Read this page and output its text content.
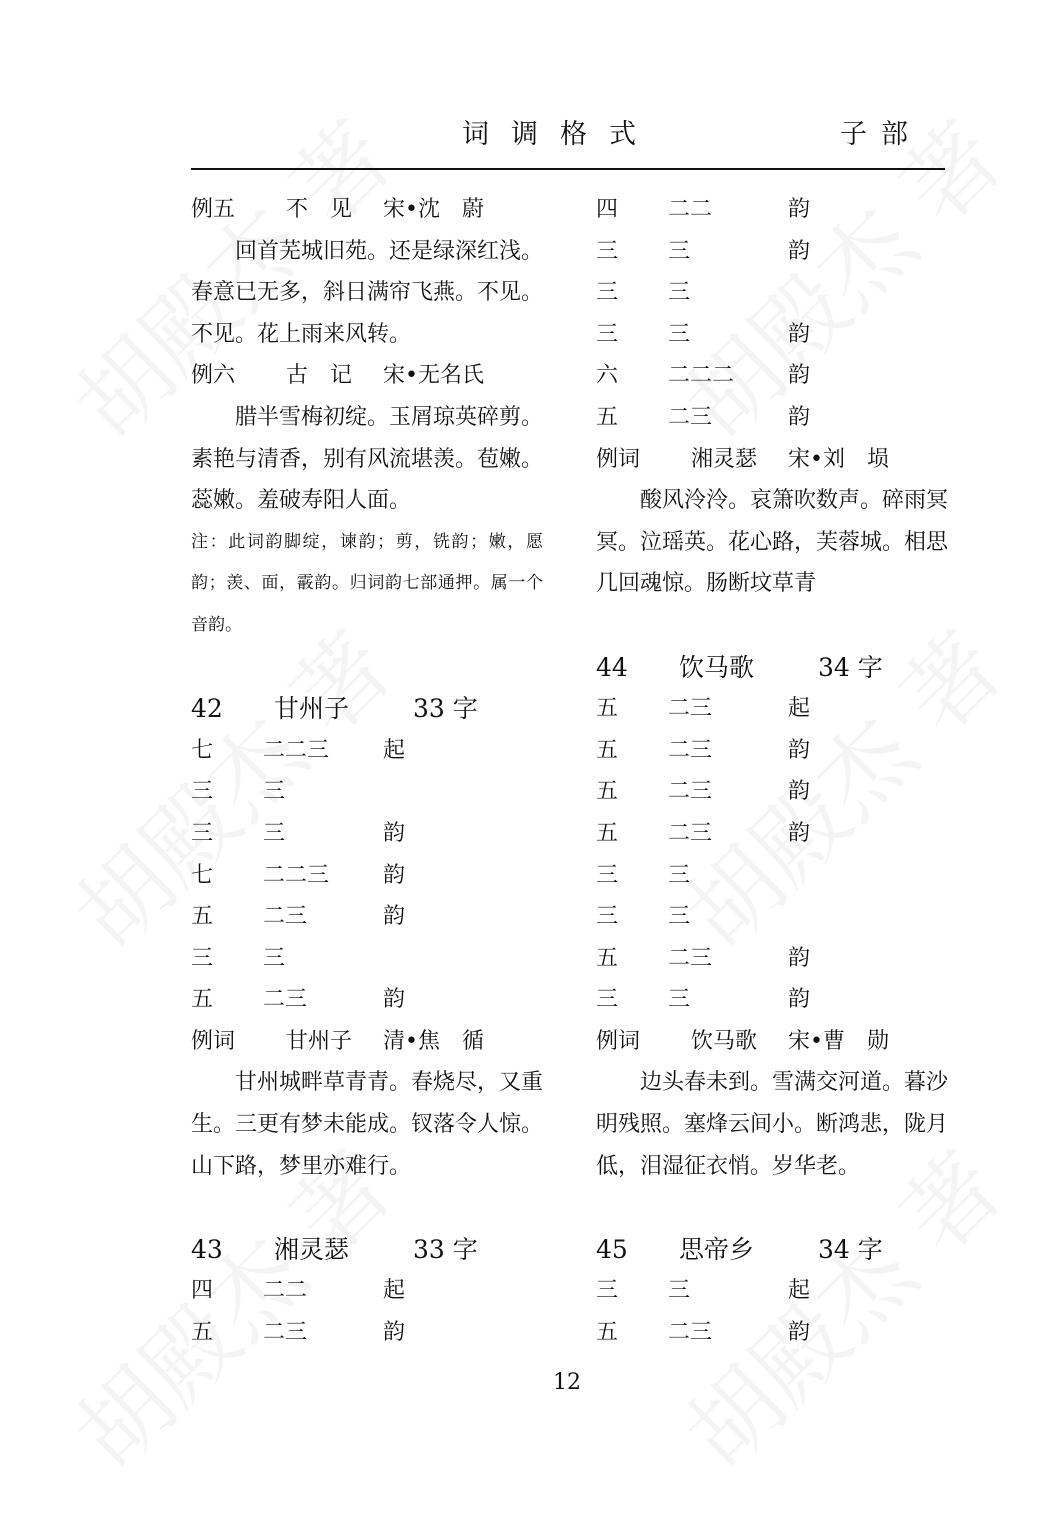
词调格式	子部
例五 不　见 宋•沈　蔚
回首芜城旧苑。还是绿深红浅。春意已无多，斜日满帘飞燕。不见。不见。花上雨来风转。
例六 古　记 宋•无名氏
腊半雪梅初绽。玉屑琼英碎剪。素艳与清香，别有风流堪羡。苞嫩。蕊嫩。羞破寿阳人面。
注：此词韵脚绽，谏韵；剪，铣韵；嫩，愿韵；羡、面，霰韵。归词韵七部通押。属一个音韵。
42 甘州子	33 字
七 二二三 起
三 三
三 三	韵
七 二二三 韵
五 二三	韵
三 三
五 二三	韵
例词 甘州子 清•焦　循
甘州城畔草青青。春烧尽，又重生。三更有梦未能成。钗落令人惊。山下路，梦里亦难行。
43 湘灵瑟	33 字
四 二二	起
五 二三	韵
四 二二	韵
三 三	韵
三 三
三 三	韵
六 二二二 韵
五 二三	韵
例词 湘灵瑟 宋•刘　埙
酸风泠泠。哀箫吹数声。碎雨冥冥。泣瑶英。花心路，芙蓉城。相思几回魂惊。肠断坟草青
44 饮马歌	34 字
五 二三	起
五 二三	韵
五 二三	韵
五 二三	韵
三 三
三 三
五 二三	韵
三 三	韵
例词 饮马歌 宋•曹　勋
边头春未到。雪满交河道。暮沙明残照。塞烽云间小。断鸿悲，陇月低，泪湿征衣悄。岁华老。
45 思帝乡	34 字
三 三	起
五 二三	韵
12
